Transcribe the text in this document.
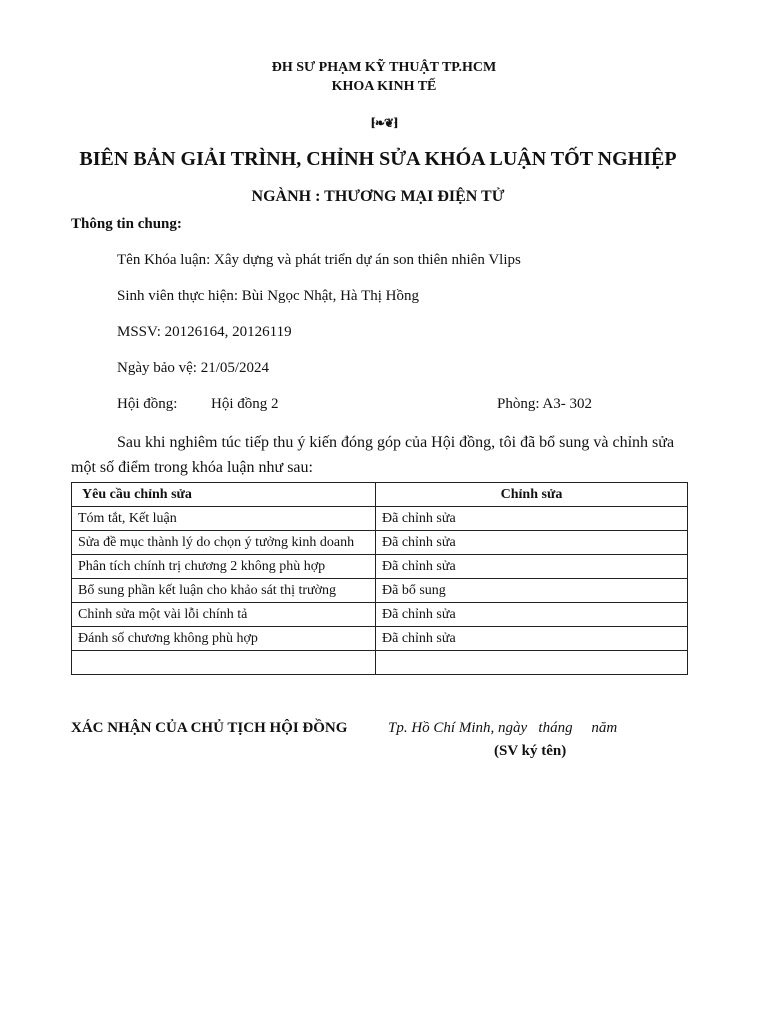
ĐH SƯ PHẠM KỸ THUẬT TP.HCM
KHOA KINH TẾ
⁅❧❦⁆
BIÊN BẢN GIẢI TRÌNH, CHỈNH SỬA KHÓA LUẬN TỐT NGHIỆP
NGÀNH : THƯƠNG MẠI ĐIỆN TỬ
Thông tin chung:
Tên Khóa luận: Xây dựng và phát triển dự án son thiên nhiên Vlips
Sinh viên thực hiện: Bùi Ngọc Nhật, Hà Thị Hồng
MSSV: 20126164, 20126119
Ngày bảo vệ: 21/05/2024
Hội đồng: Hội đồng 2	Phòng: A3- 302
Sau khi nghiêm túc tiếp thu ý kiến đóng góp của Hội đồng, tôi đã bổ sung và chỉnh sửa một số điểm trong khóa luận như sau:
Yêu cầu chỉnh sửa	Chỉnh sửa
Tóm tắt, Kết luận	Đã chỉnh sửa
Sửa đề mục thành lý do chọn ý tưởng kinh doanh	Đã chỉnh sửa
Phân tích chính trị chương 2 không phù hợp	Đã chỉnh sửa
Bổ sung phần kết luận cho khảo sát thị trường	Đã bổ sung
Chỉnh sửa một vài lỗi chính tả	Đã chỉnh sửa
Đánh số chương không phù hợp	Đã chỉnh sửa

XÁC NHẬN CỦA CHỦ TỊCH HỘI ĐỒNG	Tp. Hồ Chí Minh, ngày   tháng     năm
(SV ký tên)
